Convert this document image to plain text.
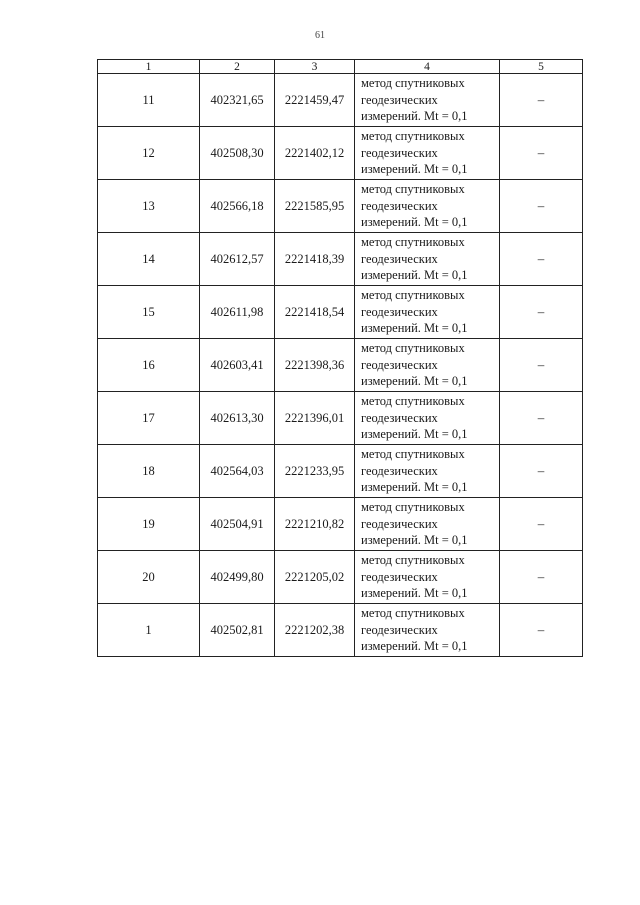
61
1	2	3	4	5
11	402321,65	2221459,47	метод спутниковых
геодезических
измерений. Mt = 0,1	–
12	402508,30	2221402,12	метод спутниковых
геодезических
измерений. Mt = 0,1	–
13	402566,18	2221585,95	метод спутниковых
геодезических
измерений. Mt = 0,1	–
14	402612,57	2221418,39	метод спутниковых
геодезических
измерений. Mt = 0,1	–
15	402611,98	2221418,54	метод спутниковых
геодезических
измерений. Mt = 0,1	–
16	402603,41	2221398,36	метод спутниковых
геодезических
измерений. Mt = 0,1	–
17	402613,30	2221396,01	метод спутниковых
геодезических
измерений. Mt = 0,1	–
18	402564,03	2221233,95	метод спутниковых
геодезических
измерений. Mt = 0,1	–
19	402504,91	2221210,82	метод спутниковых
геодезических
измерений. Mt = 0,1	–
20	402499,80	2221205,02	метод спутниковых
геодезических
измерений. Mt = 0,1	–
1	402502,81	2221202,38	метод спутниковых
геодезических
измерений. Mt = 0,1	–
